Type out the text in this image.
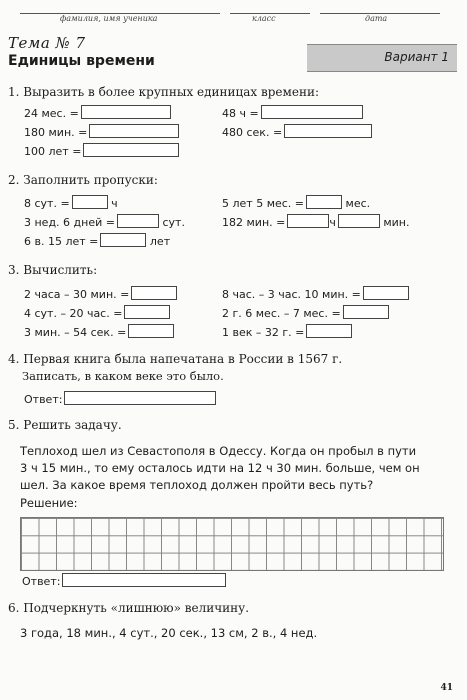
фамилия, имя ученика	класс	дата
Тема № 7
Единицы времени	Вариант 1
1. Выразить в более крупных единицах времени:
24 мес. =	48 ч =
180 мин. =	480 сек. =
100 лет =
2. Заполнить пропуски:
8 сут. =	ч	5 лет 5 мес. =	мес.
3 нед. 6 дней =	сут.	182 мин. =	ч	мин.
6 в. 15 лет =	лет
3. Вычислить:
2 часа – 30 мин. =	8 час. – 3 час. 10 мин. =
4 сут. – 20 час. =	2 г. 6 мес. – 7 мес. =
3 мин. – 54 сек. =	1 век – 32 г. =
4. Первая книга была напечатана в России в 1567 г.
Записать, в каком веке это было.
Ответ:
5. Решить задачу.
Теплоход шел из Севастополя в Одессу. Когда он пробыл в пути
3 ч 15 мин., то ему осталось идти на 12 ч 30 мин. больше, чем он
шел. За какое время теплоход должен пройти весь путь?
Решение:
Ответ:
6. Подчеркнуть «лишнюю» величину.
3 года, 18 мин., 4 сут., 20 сек., 13 см, 2 в., 4 нед.
41
